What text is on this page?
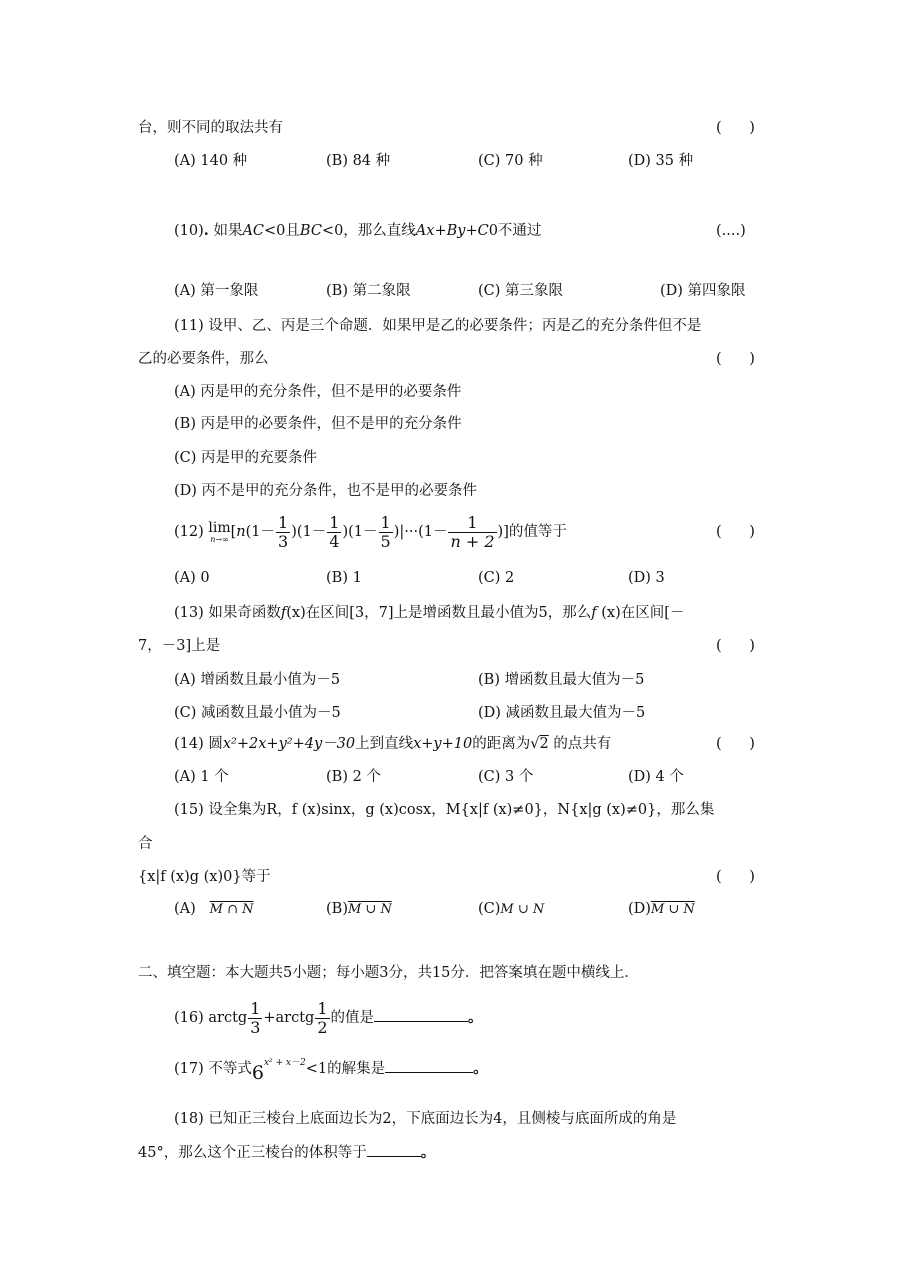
台，则不同的取法共有	(      )
(A) 140 种	(B) 84 种	(C) 70 种	(D) 35 种
(10). 如果AC<0且BC<0，那么直线Ax+By+C0不通过	(....)
(A) 第一象限	(B) 第二象限	(C) 第三象限	(D) 第四象限
(11) 设甲、乙、丙是三个命题．如果甲是乙的必要条件；丙是乙的充分条件但不是
乙的必要条件，那么	(      )
(A) 丙是甲的充分条件，但不是甲的必要条件
(B) 丙是甲的必要条件，但不是甲的充分条件
(C) 丙是甲的充要条件
(D) 丙不是甲的充分条件，也不是甲的必要条件
(12) lim
n→∞ [$n(1- \frac{1}{3} )(1- \frac{1}{4} )(1- \frac{1}{5} )|\cdot\cdot\cdot(1- \frac{1}{n + 2}$ )]的值等于	(      )
(A) 0	(B) 1	(C) 2	(D) 3
(13) 如果奇函数f(x)在区间[3，7]上是增函数且最小值为5，那么f (x)在区间[－
7，－3]上是	(      )
(A) 增函数且最小值为－5	(B) 增函数且最大值为－5
(C) 减函数且最小值为－5	(D) 减函数且最大值为－5
(14) 圆x²+2x+y²+4y－30上到直线x+y+10的距离为√2 的点共有	(      )
(A) 1 个	(B) 2 个	(C) 3 个	(D) 4 个
(15) 设全集为R，f (x)sinx，g (x)cosx，M{x|f (x)≠0}，N{x|g (x)≠0}，那么集
合
{x|f (x)g (x)0}等于	(      )
(A) M ∩ N	(B)M ∪ N	(C)M ∪ N	(D)M ∪ N
二、填空题：本大题共5小题；每小题3分，共15分．把答案填在题中横线上．
(16) arctg $\frac{1}{3}$ +arctg $\frac{1}{2}$ 的值是	。
(17) 不等式$6^{x^2 + x-2}<1$的解集是	。
(18) 已知正三棱台上底面边长为2，下底面边长为4，且侧棱与底面所成的角是
45°，那么这个正三棱台的体积等于	。
